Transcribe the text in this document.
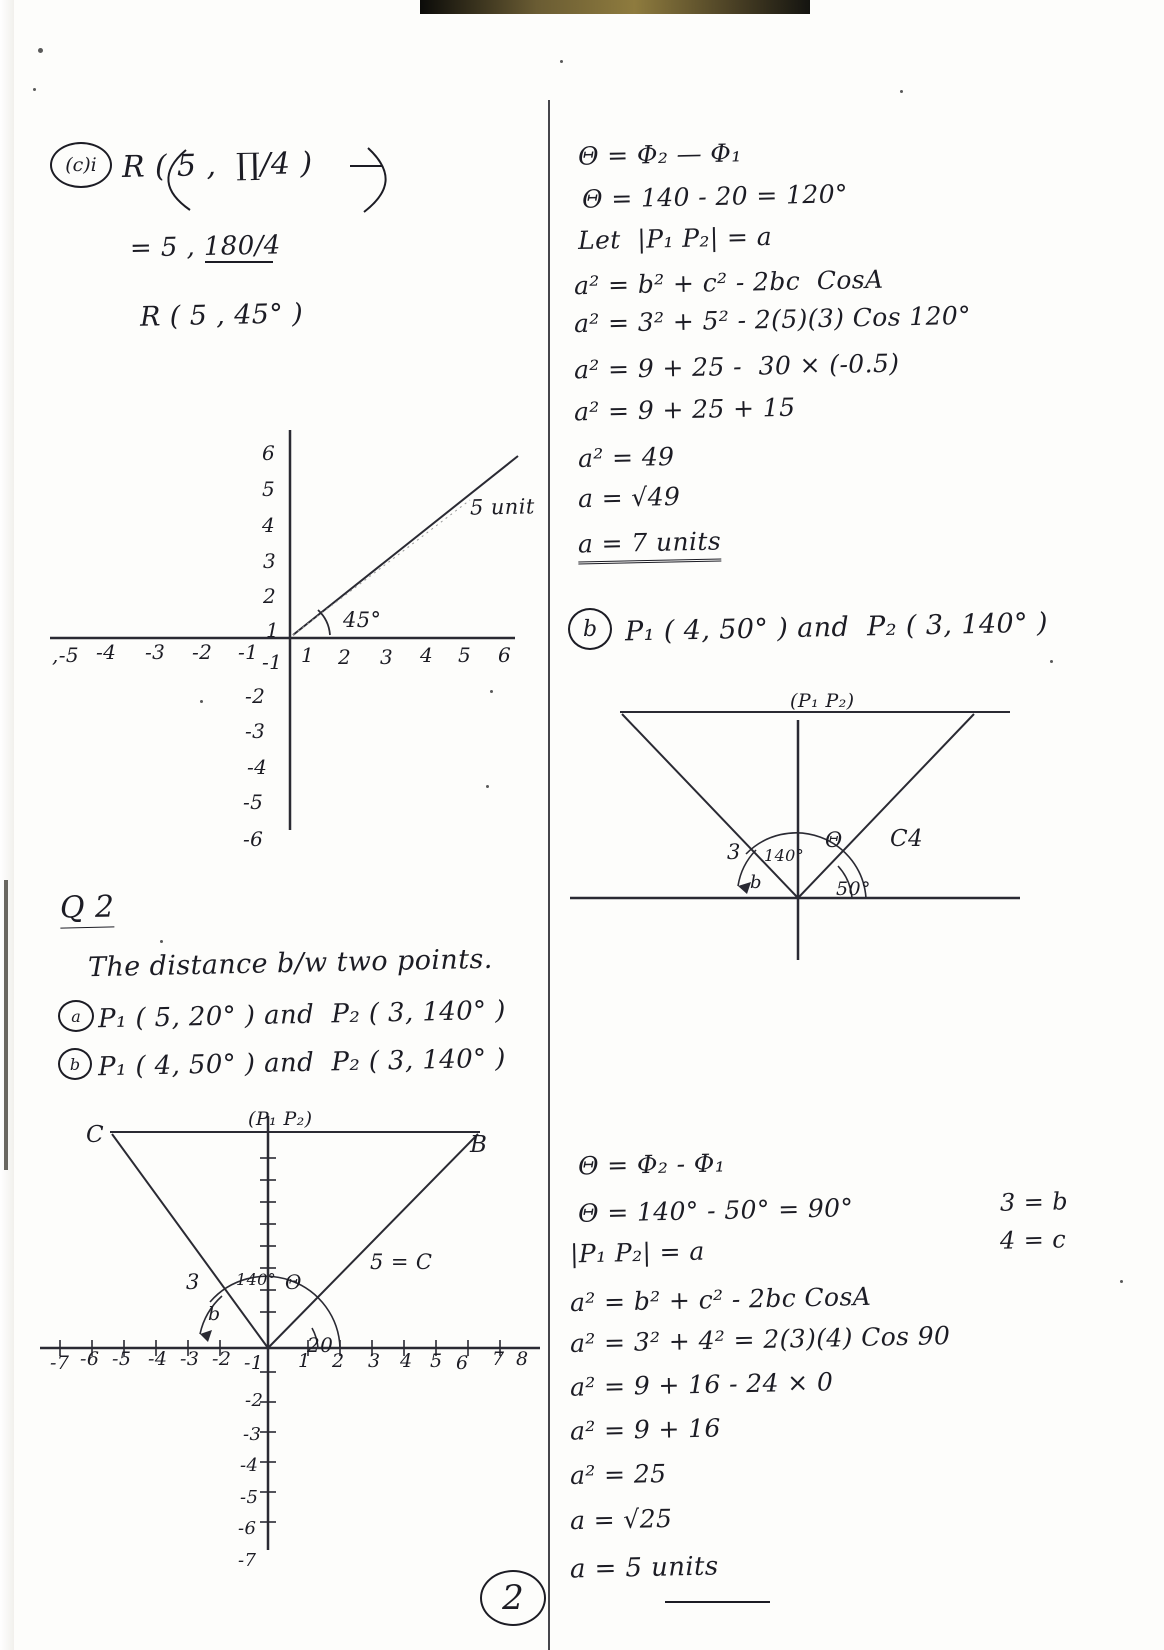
(c)i R ( 5 ,  ∏/4 )
= 5 , 180/4
R ( 5 , 45° )
6
5
4
3
2
1
-1
-2
-3
-4
-5
-6
,-5 -4 -3 -2 -1 1 2 3 4 5 6
45°
5 unit
Q 2
The distance b/w two points.
a P₁ ( 5, 20° ) and  P₂ ( 3, 140° )
b P₁ ( 4, 50° ) and  P₂ ( 3, 140° )
C	B
(P₁ P₂)
Θ
3
b
140°
20
5 = C
-7 -6 -5 -4 -3 -2 -1 1 2 3 4 5 6 7 8
-2
-3
-4
-5
-6
-7
2
Θ = Φ₂ — Φ₁
Θ = 140 - 20 = 120°
Let  |P₁ P₂| = a
a² = b² + c² - 2bc  CosA
a² = 3² + 5² - 2(5)(3) Cos 120°
a² = 9 + 25 -  30 × (-0.5)
a² = 9 + 25 + 15
a² = 49
a = √49
a = 7 units
b P₁ ( 4, 50° ) and  P₂ ( 3, 140° )
(P₁ P₂)
Θ
3
b
140°
50°
C4
Θ = Φ₂ - Φ₁
Θ = 140° - 50° = 90°
|P₁ P₂| = a
a² = b² + c² - 2bc CosA
a² = 3² + 4² = 2(3)(4) Cos 90
a² = 9 + 16 - 24 × 0
a² = 9 + 16
a² = 25
a = √25
a = 5 units
3 = b
4 = c
